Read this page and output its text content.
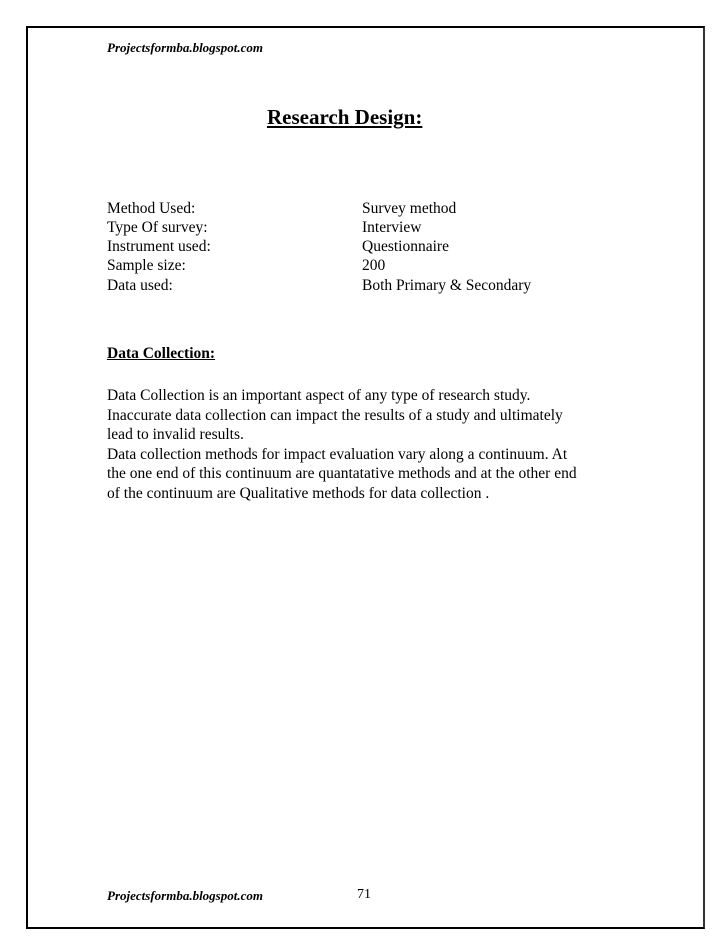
Projectsformba.blogspot.com
Research Design:
Method Used:	Survey method
Type Of survey:	Interview
Instrument used:	Questionnaire
Sample size:	200
Data used:	Both Primary & Secondary
Data Collection:
Data Collection is an important aspect of any type of research study.
Inaccurate data collection can impact the results of a study and ultimately
lead to invalid results.
Data collection methods for impact evaluation vary along a continuum. At
the one end of this continuum are quantatative methods and at the other end
of the continuum are Qualitative methods for data collection .
Projectsformba.blogspot.com	71
